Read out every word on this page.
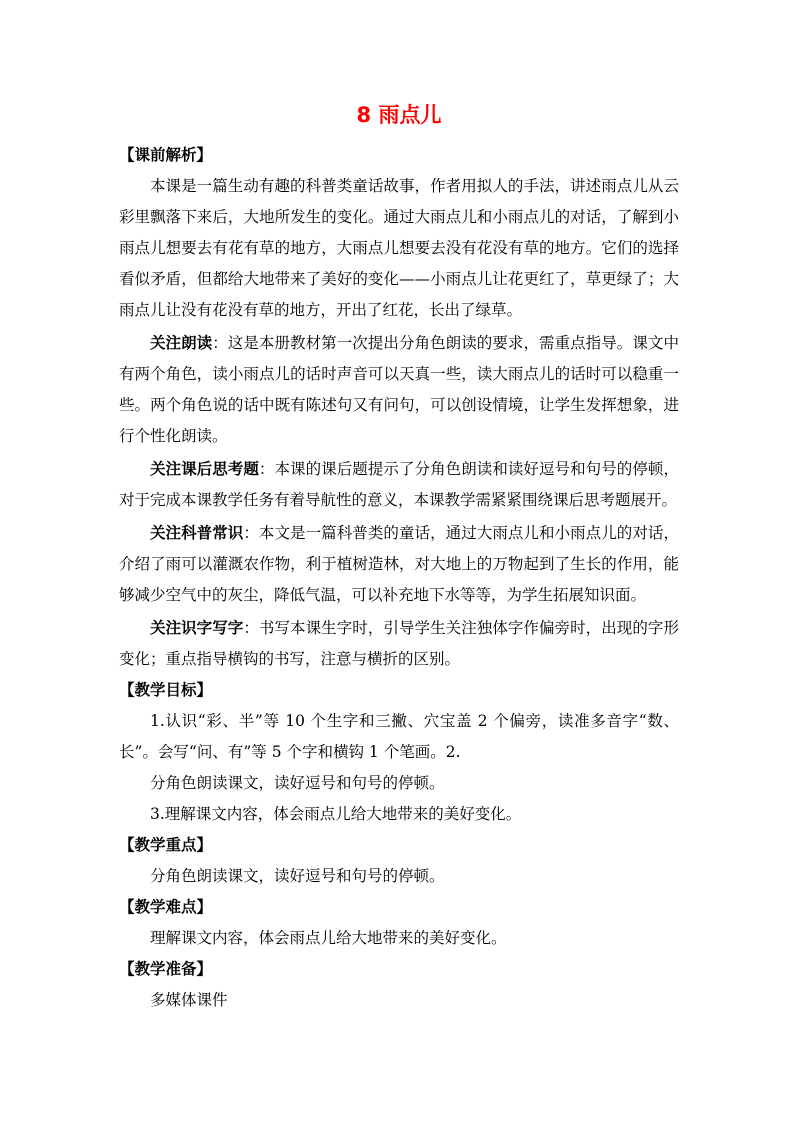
8 雨点儿
【课前解析】

本课是一篇生动有趣的科普类童话故事，作者用拟人的手法，讲述雨点儿从云彩里飘落下来后，大地所发生的变化。通过大雨点儿和小雨点儿的对话，了解到小雨点儿想要去有花有草的地方，大雨点儿想要去没有花没有草的地方。它们的选择看似矛盾，但都给大地带来了美好的变化——小雨点儿让花更红了，草更绿了；大雨点儿让没有花没有草的地方，开出了红花，长出了绿草。

关注朗读：这是本册教材第一次提出分角色朗读的要求，需重点指导。课文中有两个角色，读小雨点儿的话时声音可以天真一些，读大雨点儿的话时可以稳重一些。两个角色说的话中既有陈述句又有问句，可以创设情境，让学生发挥想象，进行个性化朗读。

关注课后思考题：本课的课后题提示了分角色朗读和读好逗号和句号的停顿，对于完成本课教学任务有着导航性的意义，本课教学需紧紧围绕课后思考题展开。

关注科普常识：本文是一篇科普类的童话，通过大雨点儿和小雨点儿的对话，介绍了雨可以灌溉农作物，利于植树造林，对大地上的万物起到了生长的作用，能够减少空气中的灰尘，降低气温，可以补充地下水等等，为学生拓展知识面。

关注识字写字：书写本课生字时，引导学生关注独体字作偏旁时，出现的字形变化；重点指导横钩的书写，注意与横折的区别。

【教学目标】

1.认识“彩、半”等 10 个生字和三撇、穴宝盖 2 个偏旁，读准多音字“数、长”。会写“问、有”等 5 个字和横钩 1 个笔画。2.

分角色朗读课文，读好逗号和句号的停顿。

3.理解课文内容，体会雨点儿给大地带来的美好变化。

【教学重点】

分角色朗读课文，读好逗号和句号的停顿。

【教学难点】

理解课文内容，体会雨点儿给大地带来的美好变化。

【教学准备】

多媒体课件
